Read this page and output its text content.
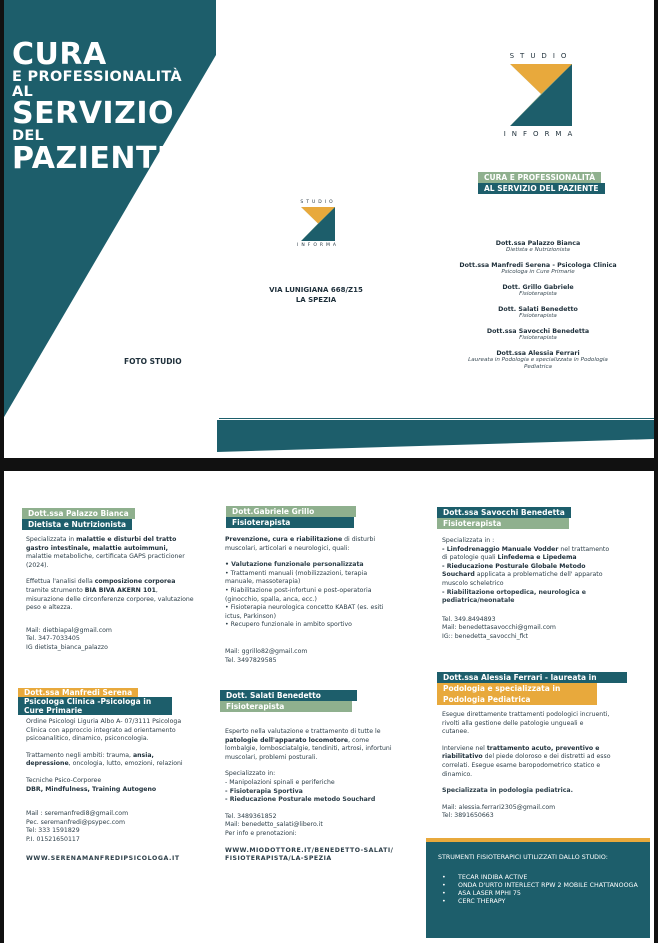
CURA
E PROFESSIONALITÀ
AL
SERVIZIO
DEL
PAZIENTE
STUDIO
INFORMA
STUDIO
INFORMA
VIA LUNIGIANA 668/Z15
LA SPEZIA
FOTO STUDIO
CURA E PROFESSIONALITÀ
AL SERVIZIO DEL PAZIENTE
Dott.ssa Palazzo Bianca
Dietista e Nutrizionista
Dott.ssa Manfredi Serena - Psicologa Clinica
Psicologa in Cure Primarie
Dott. Grillo Gabriele
Fisioterapista
Dott. Salati Benedetto
Fisioterapista
Dott.ssa Savocchi Benedetta
Fisioterapista
Dott.ssa Alessia Ferrari
Laureata in Podologia e specializzata in Podologia Pediatrica
Dott.ssa Palazzo Bianca
Dietista e Nutrizionista

Specializzata in malattie e disturbi del tratto gastro intestinale, malattie autoimmuni, malattie metaboliche, certificata GAPS practicioner (2024).

Effettua l'analisi della composizione corporea tramite strumento BIA BIVA AKERN 101, misurazione delle circonferenze corporee, valutazione peso e altezza.

Mail: dietbiapal@gmail.com
Tel. 347-7033405
IG dietista_bianca_palazzo
Dott.ssa Manfredi Serena
Psicologa Clinica -Psicologa in Cure Primarie

Ordine Psicologi Liguria Albo A- 07/3111 Psicologa Clinica con approccio integrato ad orientamento psicoanalitico, dinamico, psiconcologia.

Trattamento negli ambiti: trauma, ansia, depressione, oncologia, lutto, emozioni, relazioni

Tecniche Psico-Corporee
DBR, Mindfulness, Training Autogeno

Mail : seremanfredi8@gmail.com
Pec. seremanfredi@psypec.com
Tel: 333 1591829
P.I. 01521650117
WWW.SERENAMANFREDIPSICOLOGA.IT
Dott.Gabriele Grillo
Fisioterapista

Prevenzione, cura e riabilitazione di disturbi muscolari, articolari e neurologici, quali:

• Valutazione funzionale personalizzata
• Trattamenti manuali (mobilizzazioni, terapia manuale, massoterapia)
• Riabilitazione post-infortuni e post-operatoria (ginocchio, spalla, anca, ecc.)
• Fisioterapia neurologica concetto KABAT (es. esiti ictus, Parkinson)
• Recupero funzionale in ambito sportivo
Mail: ggrillo82@gmail.com
Tel. 3497829585
Dott. Salati Benedetto
Fisioterapista

Esperto nella valutazione e trattamento di tutte le patologie dell'apparato locomotore, come lombalgie, lombosciatalgie, tendiniti, artrosi, infortuni muscolari, problemi posturali.

Specializzato in:
- Manipolazioni spinali e periferiche
- Fisioterapia Sportiva
- Rieducazione Posturale metodo Souchard
Tel. 3489361852
Mail: benedetto_salati@libero.it
Per info e prenotazioni:
WWW.MIODOTTORE.IT/BENEDETTO-SALATI/FISIOTERAPISTA/LA-SPEZIA
Dott.ssa Savocchi Benedetta
Fisioterapista
Specializzata in :
- Linfodrenaggio Manuale Vodder nel trattamento di patologie quali Linfedema e Lipedema
- Rieducazione Posturale Globale Metodo Souchard applicata a problematiche dell' apparato muscolo scheletrico
- Riabilitazione ortopedica, neurologica e pediatrica/neonatale
Tel. 349.8494893
Mail: benedettasavocchi@gmail.com
IG:: benedetta_savocchi_fkt
Dott.ssa Alessia Ferrari - laureata in
Podologia e specializzata in Podologia Pediatrica

Esegue direttamente trattamenti podologici incruenti, rivolti alla gestione delle patologie ungueali e cutanee.

Interviene nel trattamento acuto, preventivo e riabilitativo del piede doloroso e dei distretti ad esso correlati. Esegue esame baropodometrico statico e dinamico.

Specializzata in podologia pediatrica.

Mail: alessia.ferrari2305@gmail.com
Tel: 3891650663
STRUMENTI FISIOTERAPICI UTILIZZATI DALLO STUDIO:
• TECAR INDIBA ACTIVE
• ONDA D'URTO INTERLECT RPW 2 MOBILE CHATTANOOGA
• ASA LASER MPHI 75
• CERC THERAPY
